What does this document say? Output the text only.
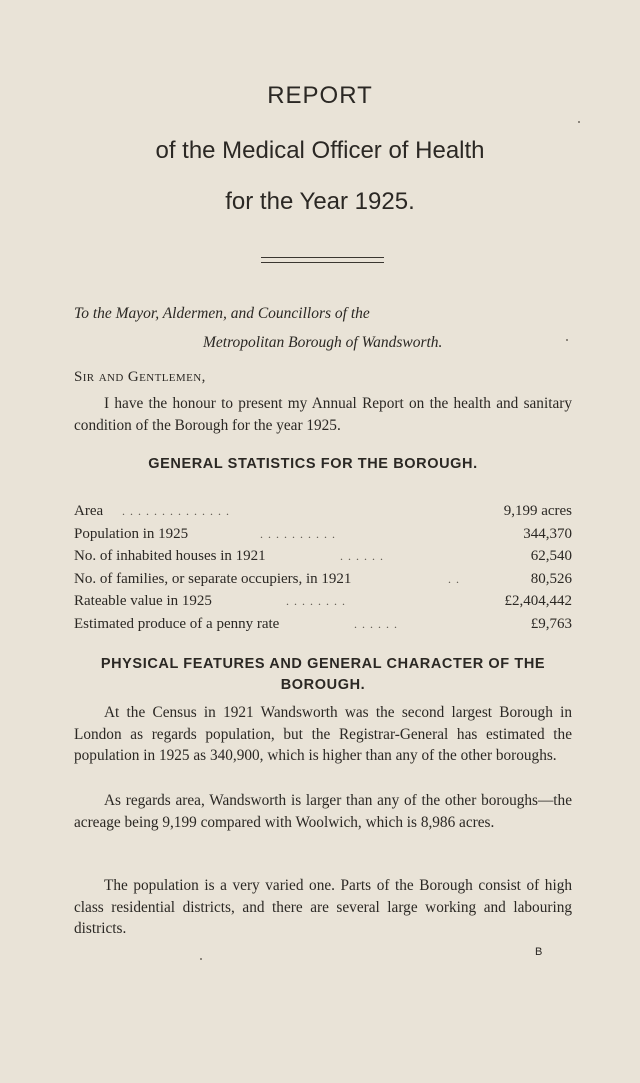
REPORT
of the Medical Officer of Health
for the Year 1925.
To the Mayor, Aldermen, and Councillors of the
Metropolitan Borough of Wandsworth.
Sir and Gentlemen,
I have the honour to present my Annual Report on the health and sanitary condition of the Borough for the year 1925.
GENERAL STATISTICS FOR THE BOROUGH.
Area . . . . . . . . . . . . . .	9,199 acres
Population in 1925	. . . . . . . . . .	344,370
No. of inhabited houses in 1921	. . . . . .	62,540
No. of families, or separate occupiers, in 1921	. .	80,526
Rateable value in 1925	. . . . . . . .	£2,404,442
Estimated produce of a penny rate	. . . . . .	£9,763
PHYSICAL FEATURES AND GENERAL CHARACTER OF THE BOROUGH.
At the Census in 1921 Wandsworth was the second largest Borough in London as regards population, but the Registrar-General has estimated the population in 1925 as 340,900, which is higher than any of the other boroughs.
As regards area, Wandsworth is larger than any of the other boroughs—the acreage being 9,199 compared with Woolwich, which is 8,986 acres.
The population is a very varied one. Parts of the Borough consist of high class residential districts, and there are several large working and labouring districts.
B
